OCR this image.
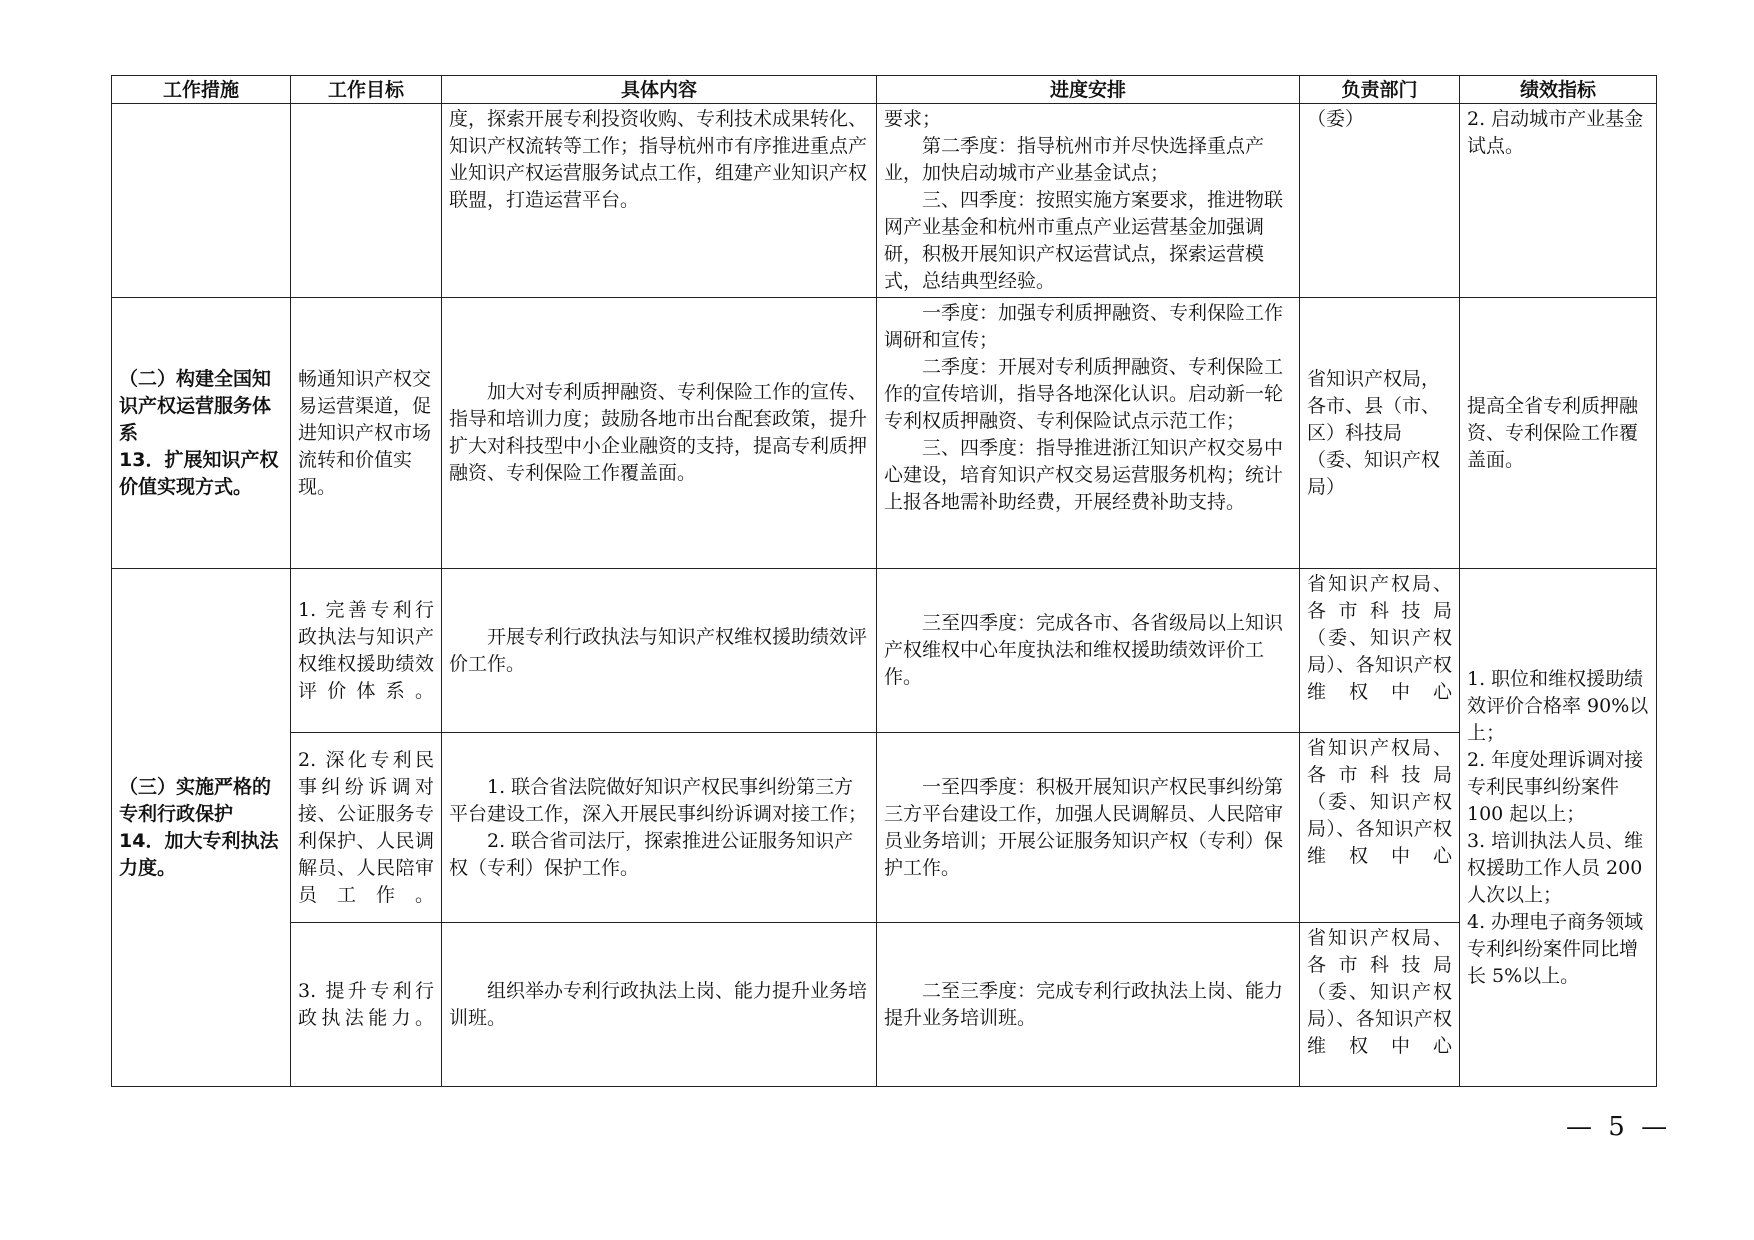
工作措施	工作目标	具体内容	进度安排	负责部门	绩效指标

		度，探索开展专利投资收购、专利技术成果转化、知识产权流转等工作；指导杭州市有序推进重点产业知识产权运营服务试点工作，组建产业知识产权联盟，打造运营平台。	要求；
第二季度：指导杭州市并尽快选择重点产业，加快启动城市产业基金试点；
三、四季度：按照实施方案要求，推进物联网产业基金和杭州市重点产业运营基金加强调研，积极开展知识产权运营试点，探索运营模式，总结典型经验。	（委）	2. 启动城市产业基金试点。

（二）构建全国知识产权运营服务体系
13．扩展知识产权价值实现方式。	畅通知识产权交易运营渠道，促进知识产权市场流转和价值实现。	加大对专利质押融资、专利保险工作的宣传、指导和培训力度；鼓励各地市出台配套政策，提升扩大对科技型中小企业融资的支持，提高专利质押融资、专利保险工作覆盖面。	一季度：加强专利质押融资、专利保险工作调研和宣传；
二季度：开展对专利质押融资、专利保险工作的宣传培训，指导各地深化认识。启动新一轮专利权质押融资、专利保险试点示范工作；
三、四季度：指导推进浙江知识产权交易中心建设，培育知识产权交易运营服务机构；统计上报各地需补助经费，开展经费补助支持。	省知识产权局，各市、县（市、区）科技局（委、知识产权局）	提高全省专利质押融资、专利保险工作覆盖面。

（三）实施严格的专利行政保护
14．加大专利执法力度。	1. 完善专利行政执法与知识产权维权援助绩效评价体系。	开展专利行政执法与知识产权维权援助绩效评价工作。	三至四季度：完成各市、各省级局以上知识产权维权中心年度执法和维权援助绩效评价工作。	省知识产权局、各市科技局（委、知识产权局）、各知识产权维权中心	1. 职位和维权援助绩效评价合格率 90%以上；
2. 年度处理诉调对接专利民事纠纷案件 100 起以上；
3. 培训执法人员、维权援助工作人员 200 人次以上；
4. 办理电子商务领域专利纠纷案件同比增长 5%以上。

	2. 深化专利民事纠纷诉调对接、公证服务专利保护、人民调解员、人民陪审员工作。	1. 联合省法院做好知识产权民事纠纷第三方平台建设工作，深入开展民事纠纷诉调对接工作；
2. 联合省司法厅，探索推进公证服务知识产权（专利）保护工作。	一至四季度：积极开展知识产权民事纠纷第三方平台建设工作，加强人民调解员、人民陪审员业务培训；开展公证服务知识产权（专利）保护工作。	省知识产权局、各市科技局（委、知识产权局）、各知识产权维权中心	

	3. 提升专利行政执法能力。	组织举办专利行政执法上岗、能力提升业务培训班。	二至三季度：完成专利行政执法上岗、能力提升业务培训班。	省知识产权局、各市科技局（委、知识产权局）、各知识产权维权中心	
— 5 —
